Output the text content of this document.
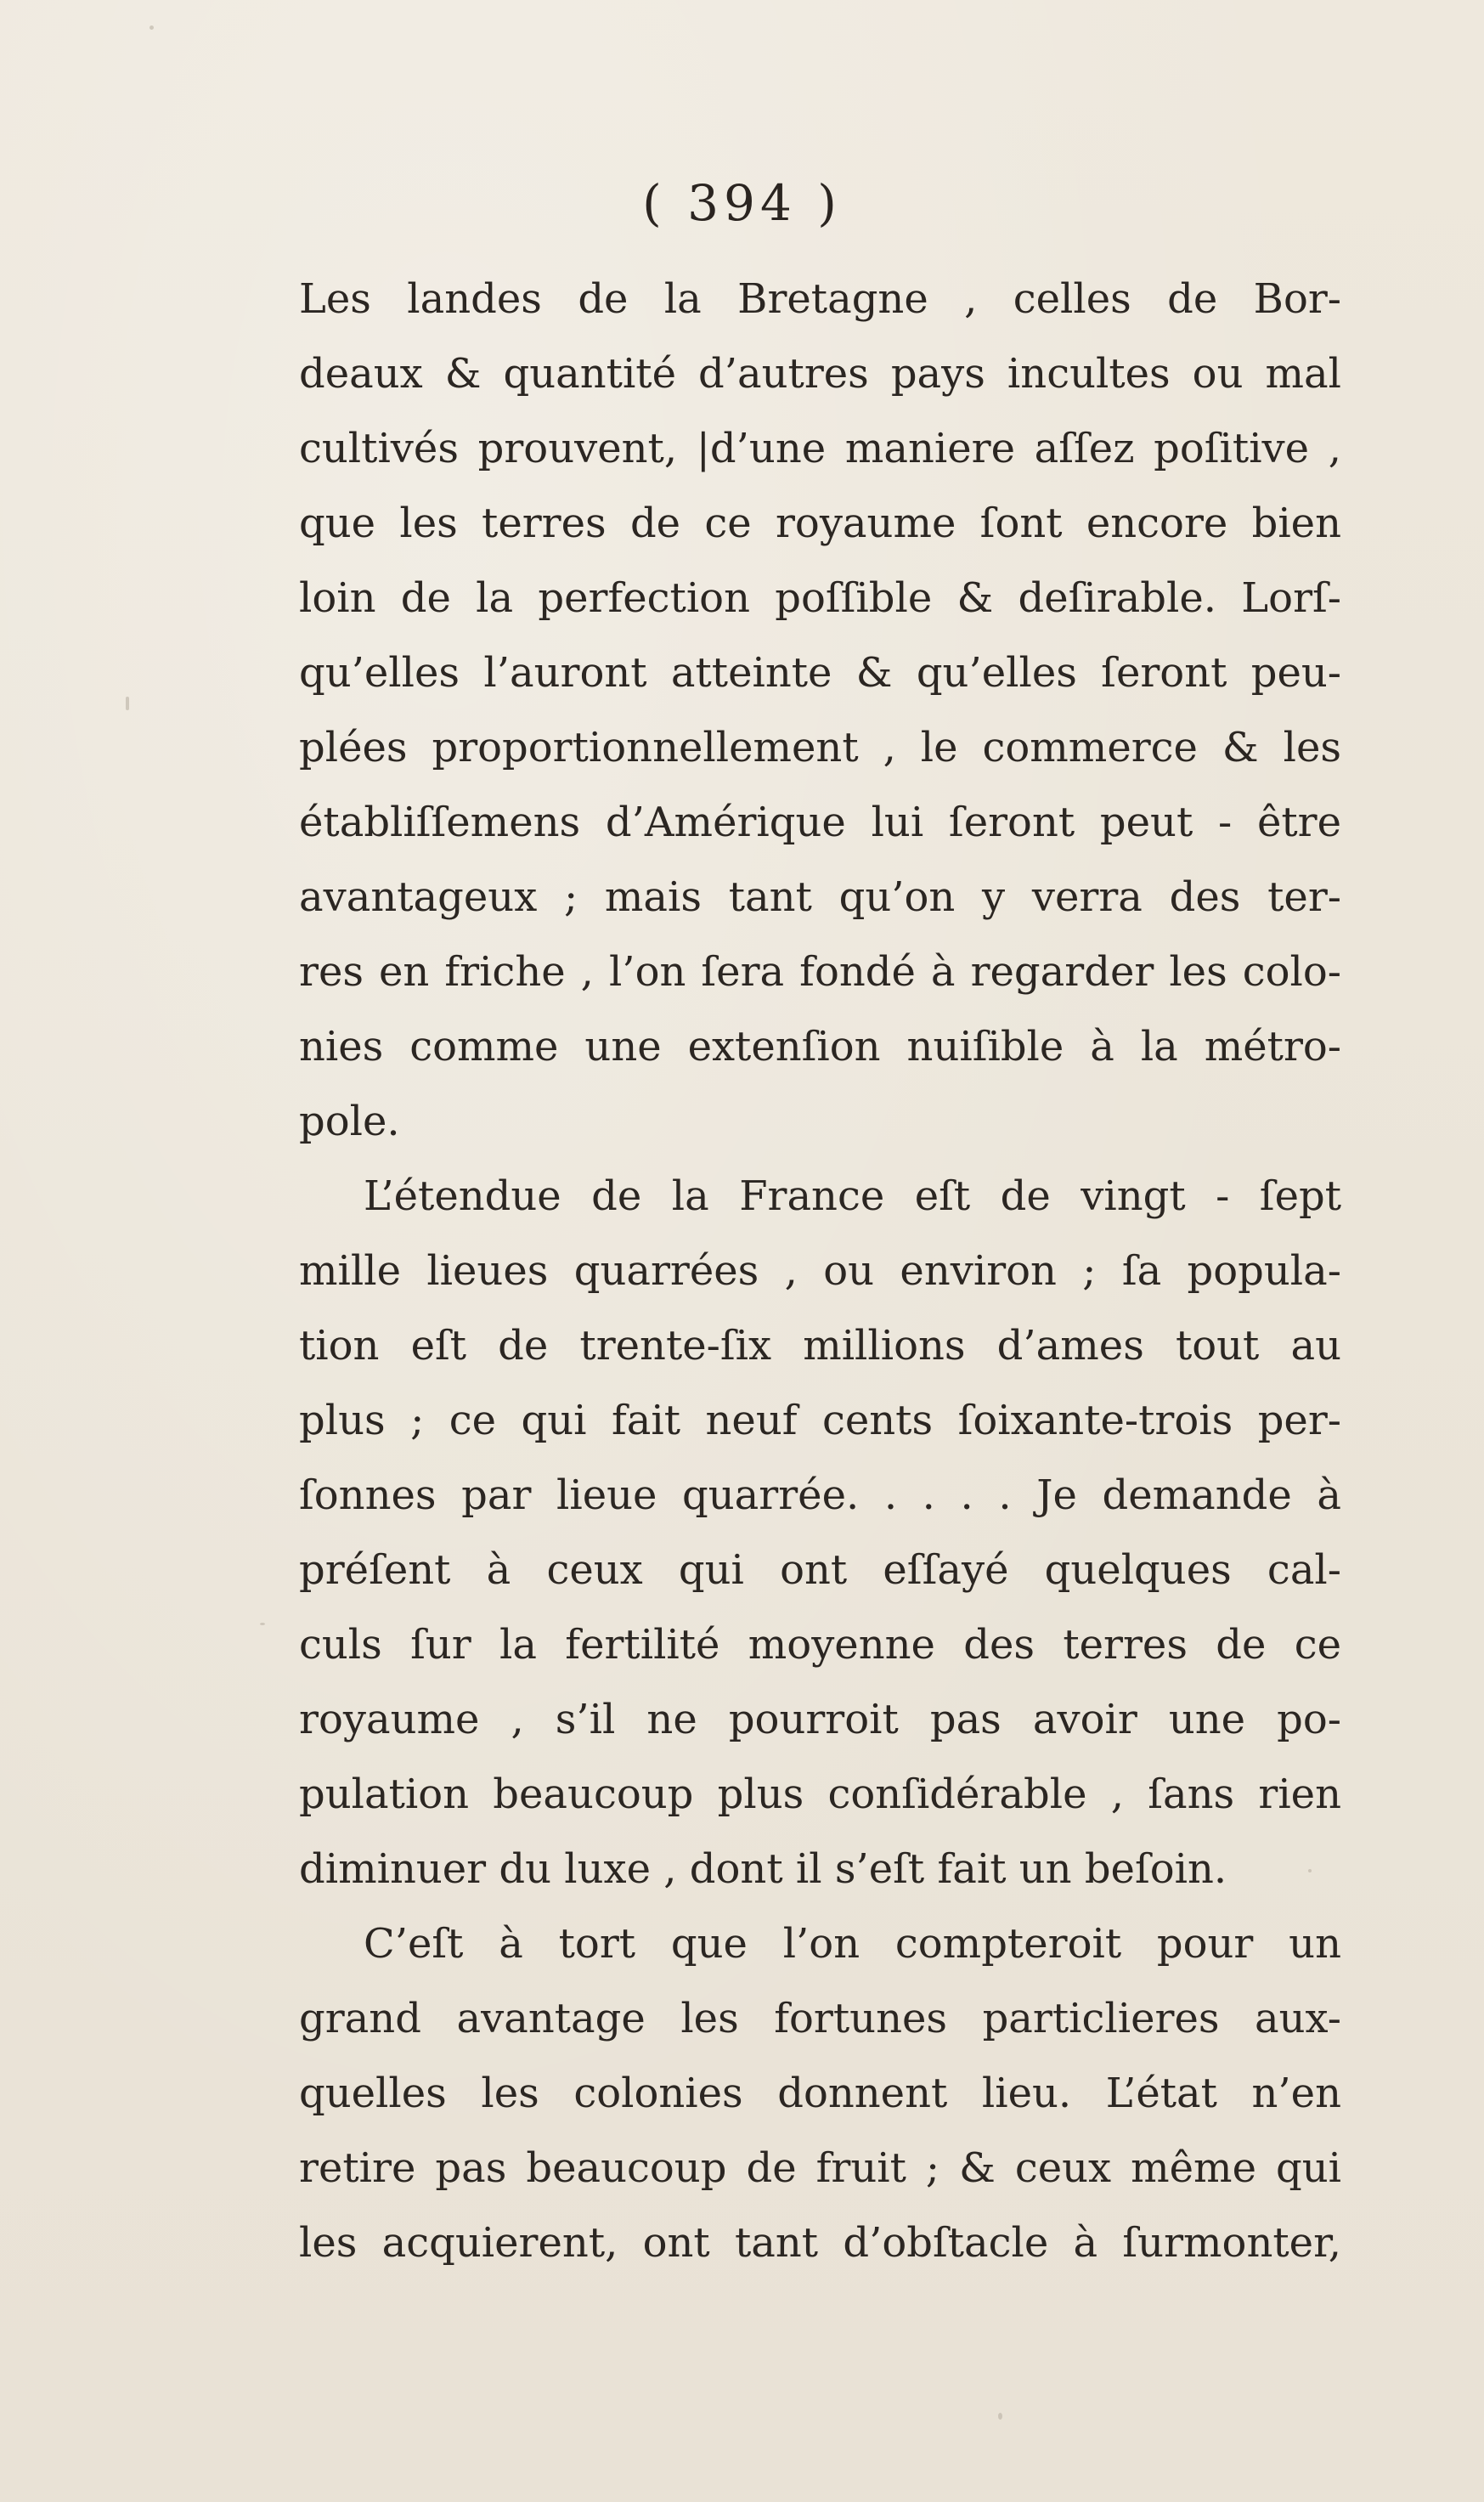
( 394 )
Les landes de la Bretagne , celles de Bor-
deaux & quantité d’autres pays incultes ou mal
cultivés prouvent, |d’une maniere aſſez poſitive ,
que les terres de ce royaume ſont encore bien
loin de la perfection poſſible & deſirable. Lorſ-
qu’elles l’auront atteinte & qu’elles ſeront peu-
plées proportionnellement , le commerce & les
établiſſemens d’Amérique lui ſeront peut - être
avantageux ; mais tant qu’on y verra des ter-
res en friche , l’on ſera fondé à regarder les colo-
nies comme une extenſion nuiſible à la métro-
pole.
L’étendue de la France eſt de vingt - ſept
mille lieues quarrées , ou environ ; ſa popula-
tion eſt de trente-ſix millions d’ames tout au
plus ; ce qui fait neuf cents ſoixante-trois per-
ſonnes par lieue quarrée. . . . . Je demande à
préſent à ceux qui ont eſſayé quelques cal-
culs ſur la fertilité moyenne des terres de ce
royaume , s’il ne pourroit pas avoir une po-
pulation beaucoup plus conſidérable , ſans rien
diminuer du luxe , dont il s’eſt fait un beſoin.
C’eſt à tort que l’on compteroit pour un
grand avantage les fortunes particlieres aux-
quelles les colonies donnent lieu. L’état n’en
retire pas beaucoup de fruit ; & ceux même qui
les acquierent, ont tant d’obſtacle à ſurmonter,
